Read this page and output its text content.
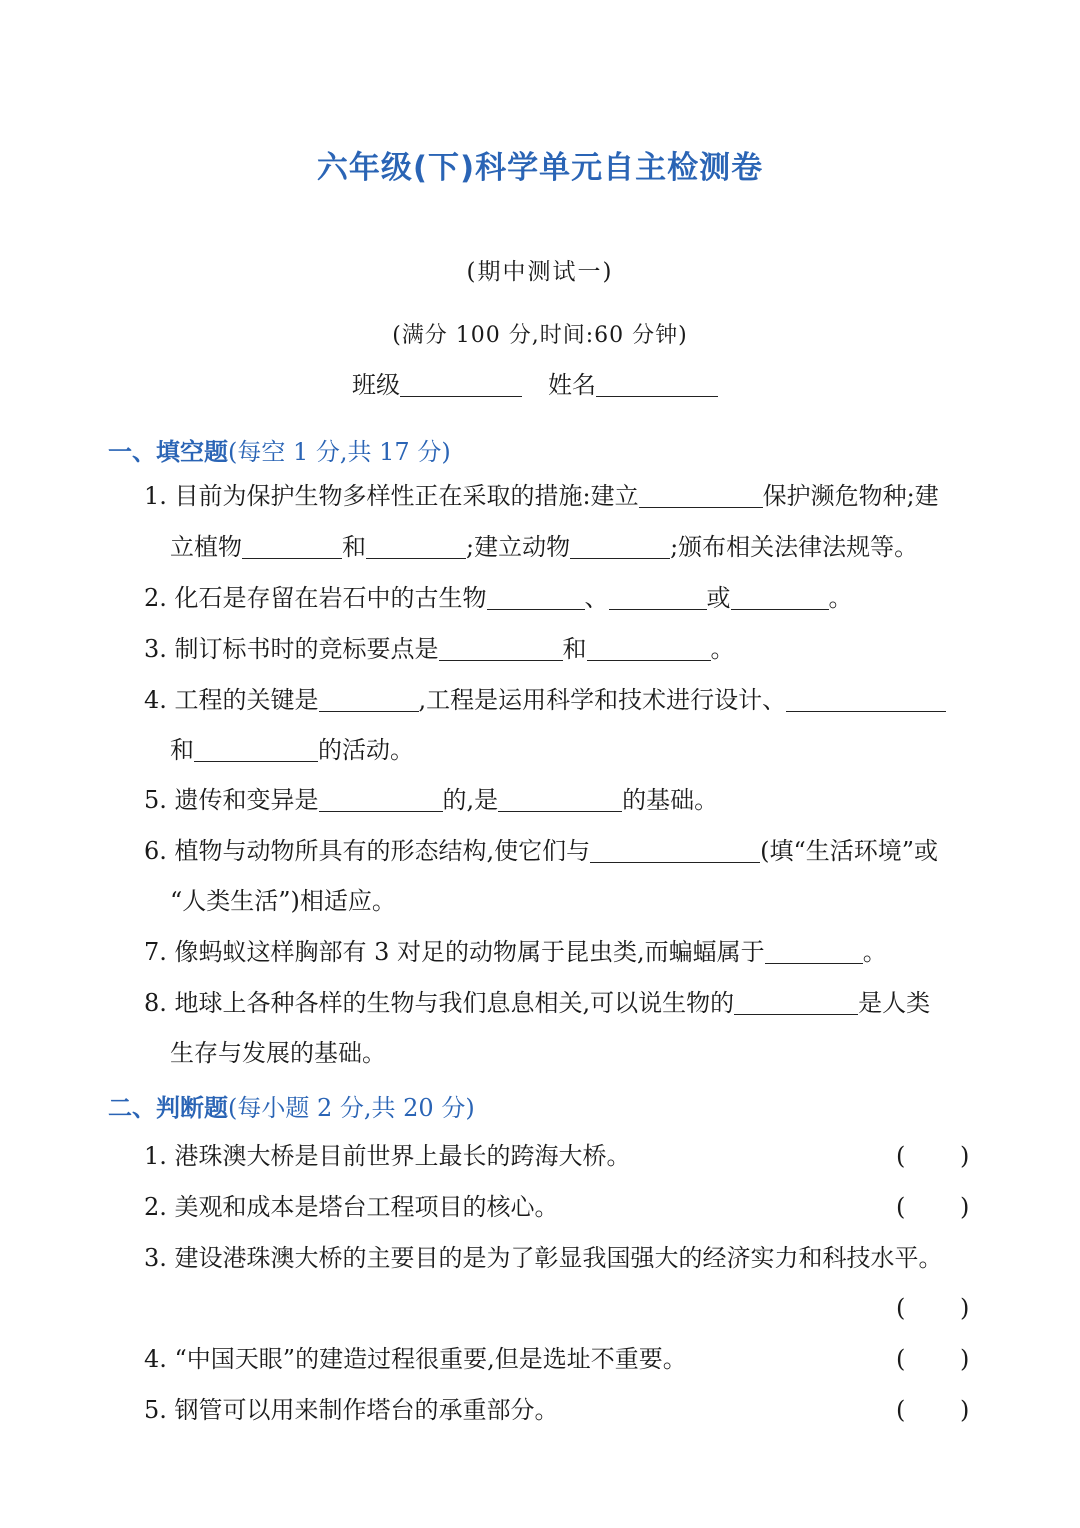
六年级(下)科学单元自主检测卷
(期中测试一)
(满分 100 分,时间:60 分钟)
班级	姓名
一、填空题(每空 1 分,共 17 分)
1. 目前为保护生物多样性正在采取的措施:建立	保护濒危物种;建
立植物	和	;建立动物	;颁布相关法律法规等。
2. 化石是存留在岩石中的古生物	、	或	。
3. 制订标书时的竞标要点是	和	。
4. 工程的关键是	,工程是运用科学和技术进行设计、
和	的活动。
5. 遗传和变异是	的,是	的基础。
6. 植物与动物所具有的形态结构,使它们与	(填“生活环境”或
“人类生活”)相适应。
7. 像蚂蚁这样胸部有 3 对足的动物属于昆虫类,而蝙蝠属于	。
8. 地球上各种各样的生物与我们息息相关,可以说生物的	是人类
生存与发展的基础。
二、判断题(每小题 2 分,共 20 分)
1. 港珠澳大桥是目前世界上最长的跨海大桥。	( )
2. 美观和成本是塔台工程项目的核心。	( )
3. 建设港珠澳大桥的主要目的是为了彰显我国强大的经济实力和科技水平。
( )
4. “中国天眼”的建造过程很重要,但是选址不重要。	( )
5. 钢管可以用来制作塔台的承重部分。	( )
